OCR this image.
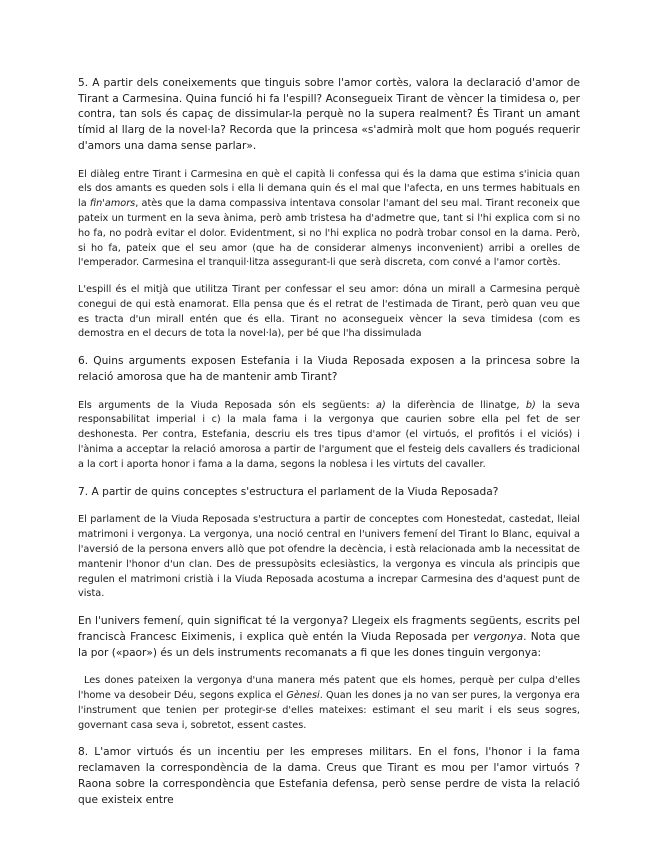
5. A partir dels coneixements que tinguis sobre l'amor cortès, valora la declaració d'amor de Tirant a Carmesina. Quina funció hi fa l'espill? Aconsegueix Tirant de vèncer la timidesa o, per contra, tan sols és capaç de dissimular-la perquè no la supera realment? És Tirant un amant tímid al llarg de la novel·la? Recorda que la princesa «s'admirà molt que hom pogués requerir d'amors una dama sense parlar».

El diàleg entre Tirant i Carmesina en què el capità li confessa qui és la dama que estima s'inicia quan els dos amants es queden sols i ella li demana quin és el mal que l'afecta, en uns termes habituals en la fin'amors, atès que la dama compassiva intentava consolar l'amant del seu mal. Tirant reconeix que pateix un turment en la seva ànima, però amb tristesa ha d'admetre que, tant si l'hi explica com si no ho fa, no podrà evitar el dolor. Evidentment, si no l'hi explica no podrà trobar consol en la dama. Però, si ho fa, pateix que el seu amor (que ha de considerar almenys inconvenient) arribi a orelles de l'emperador. Carmesina el tranquil·litza assegurant-li que serà discreta, com convé a l'amor cortès.

L'espill és el mitjà que utilitza Tirant per confessar el seu amor: dóna un mirall a Carmesina perquè conegui de qui està enamorat. Ella pensa que és el retrat de l'estimada de Tirant, però quan veu que es tracta d'un mirall entén que és ella. Tirant no aconsegueix vèncer la seva timidesa (com es demostra en el decurs de tota la novel·la), per bé que l'ha dissimulada

6. Quins arguments exposen Estefania i la Viuda Reposada exposen a la princesa sobre la relació amorosa que ha de mantenir amb Tirant?

Els arguments de la Viuda Reposada són els següents: a) la diferència de llinatge, b) la seva responsabilitat imperial i c) la mala fama i la vergonya que caurien sobre ella pel fet de ser deshonesta. Per contra, Estefania, descriu els tres tipus d'amor (el virtuós, el profitós i el viciós) i l'ànima a acceptar la relació amorosa a partir de l'argument que el festeig dels cavallers és tradicional a la cort i aporta honor i fama a la dama, segons la noblesa i les virtuts del cavaller.

7. A partir de quins conceptes s'estructura el parlament de la Viuda Reposada?

El parlament de la Viuda Reposada s'estructura a partir de conceptes com Honestedat, castedat, lleial matrimoni i vergonya. La vergonya, una noció central en l'univers femení del Tirant lo Blanc, equival a l'aversió de la persona envers allò que pot ofendre la decència, i està relacionada amb la necessitat de mantenir l'honor d'un clan. Des de pressupòsits eclesiàstics, la vergonya es vincula als principis que regulen el matrimoni cristià i la Viuda Reposada acostuma a increpar Carmesina des d'aquest punt de vista.

En l'univers femení, quin significat té la vergonya? Llegeix els fragments següents, escrits pel franciscà Francesc Eiximenis, i explica què entén la Viuda Reposada per vergonya. Nota que la por («paor») és un dels instruments recomanats a fi que les dones tinguin vergonya:

Les dones pateixen la vergonya d'una manera més patent que els homes, perquè per culpa d'elles l'home va desobeir Déu, segons explica el Gènesi. Quan les dones ja no van ser pures, la vergonya era l'instrument que tenien per protegir-se d'elles mateixes: estimant el seu marit i els seus sogres, governant casa seva i, sobretot, essent castes.

8. L'amor virtuós és un incentiu per les empreses militars. En el fons, l'honor i la fama reclamaven la correspondència de la dama. Creus que Tirant es mou per l'amor virtuós ? Raona sobre la correspondència que Estefania defensa, però sense perdre de vista la relació que existeix entre
